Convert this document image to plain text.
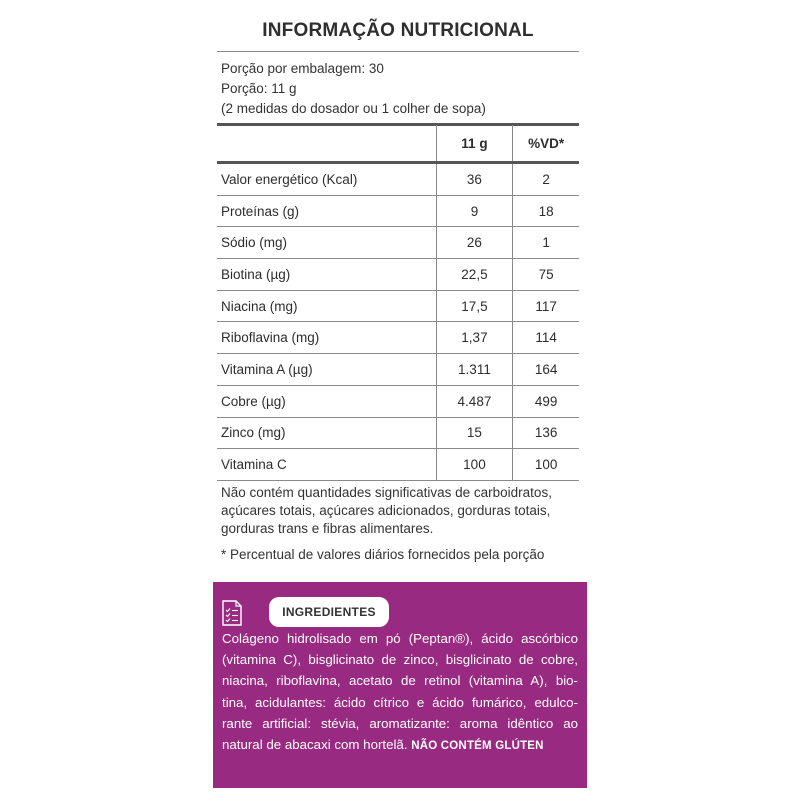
INFORMAÇÃO NUTRICIONAL
Porção por embalagem: 30
Porção: 11 g
(2 medidas do dosador ou 1 colher de sopa)
	11 g	%VD*
Valor energético (Kcal)	36	2
Proteínas (g)	9	18
Sódio (mg)	26	1
Biotina (µg)	22,5	75
Niacina (mg)	17,5	117
Riboflavina (mg)	1,37	114
Vitamina A (µg)	1.311	164
Cobre (µg)	4.487	499
Zinco (mg)	15	136
Vitamina C	100	100
Não contém quantidades significativas de carboidratos,
açúcares totais, açúcares adicionados, gorduras totais,
gorduras trans e fibras alimentares.
* Percentual de valores diários fornecidos pela porção
INGREDIENTES
Colágeno hidrolisado em pó (Peptan®), ácido ascórbico
(vitamina C), bisglicinato de zinco, bisglicinato de cobre,
niacina, riboflavina, acetato de retinol (vitamina A), bio-
tina, acidulantes: ácido cítrico e ácido fumárico, edulco-
rante artificial: stévia, aromatizante: aroma idêntico ao
natural de abacaxi com hortelã. NÃO CONTÉM GLÚTEN
